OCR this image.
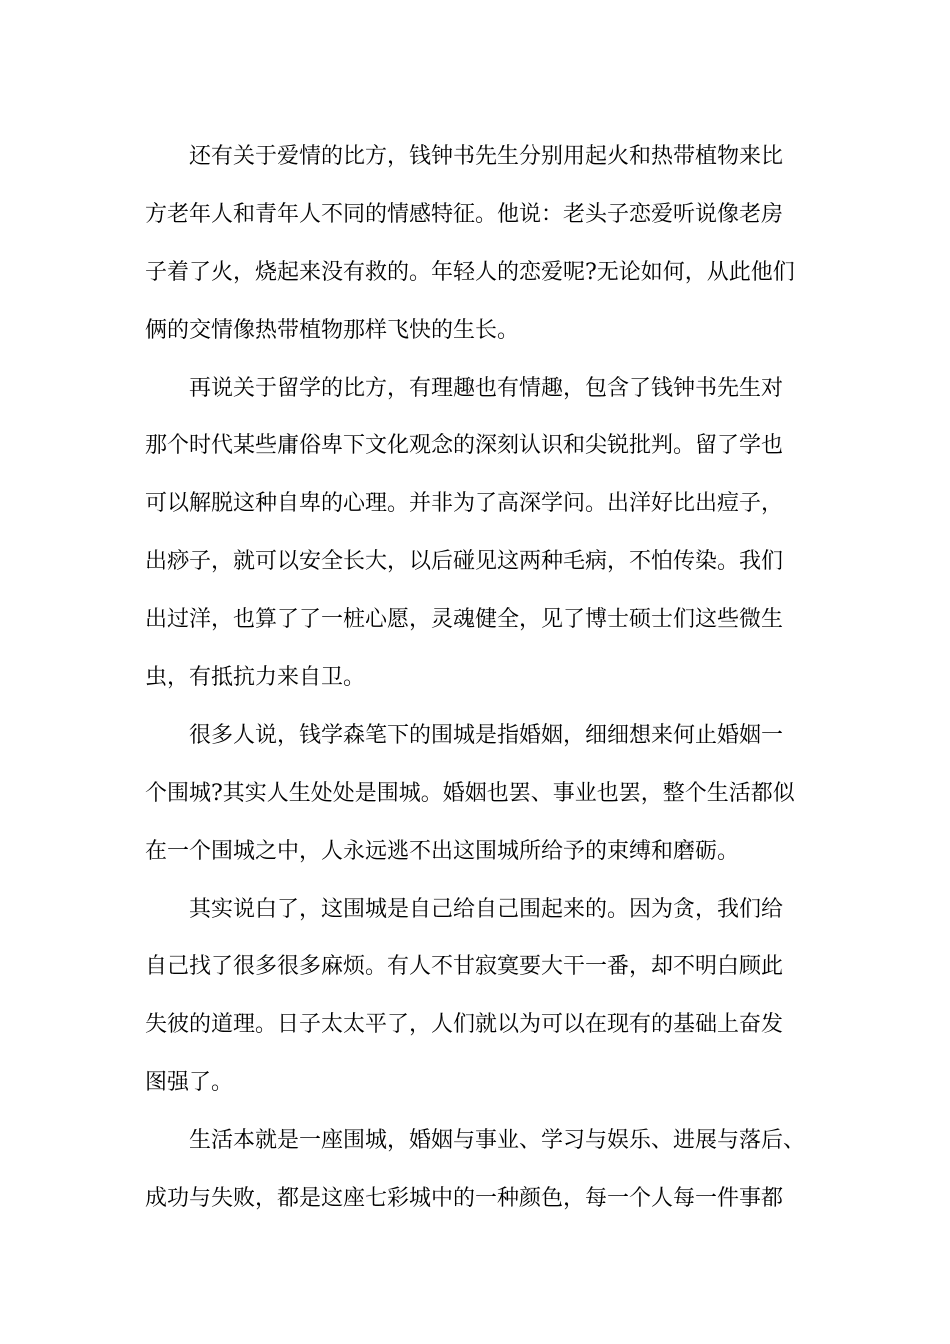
还有关于爱情的比方，钱钟书先生分别用起火和热带植物来比
方老年人和青年人不同的情感特征。他说：老头子恋爱听说像老房
子着了火，烧起来没有救的。年轻人的恋爱呢?无论如何，从此他们
俩的交情像热带植物那样飞快的生长。
再说关于留学的比方，有理趣也有情趣，包含了钱钟书先生对
那个时代某些庸俗卑下文化观念的深刻认识和尖锐批判。留了学也
可以解脱这种自卑的心理。并非为了高深学问。出洋好比出痘子，
出痧子，就可以安全长大，以后碰见这两种毛病，不怕传染。我们
出过洋，也算了了一桩心愿，灵魂健全，见了博士硕士们这些微生
虫，有抵抗力来自卫。
很多人说，钱学森笔下的围城是指婚姻，细细想来何止婚姻一
个围城?其实人生处处是围城。婚姻也罢、事业也罢，整个生活都似
在一个围城之中，人永远逃不出这围城所给予的束缚和磨砺。
其实说白了，这围城是自己给自己围起来的。因为贪，我们给
自己找了很多很多麻烦。有人不甘寂寞要大干一番，却不明白顾此
失彼的道理。日子太太平了，人们就以为可以在现有的基础上奋发
图强了。
生活本就是一座围城，婚姻与事业、学习与娱乐、进展与落后、
成功与失败，都是这座七彩城中的一种颜色，每一个人每一件事都
